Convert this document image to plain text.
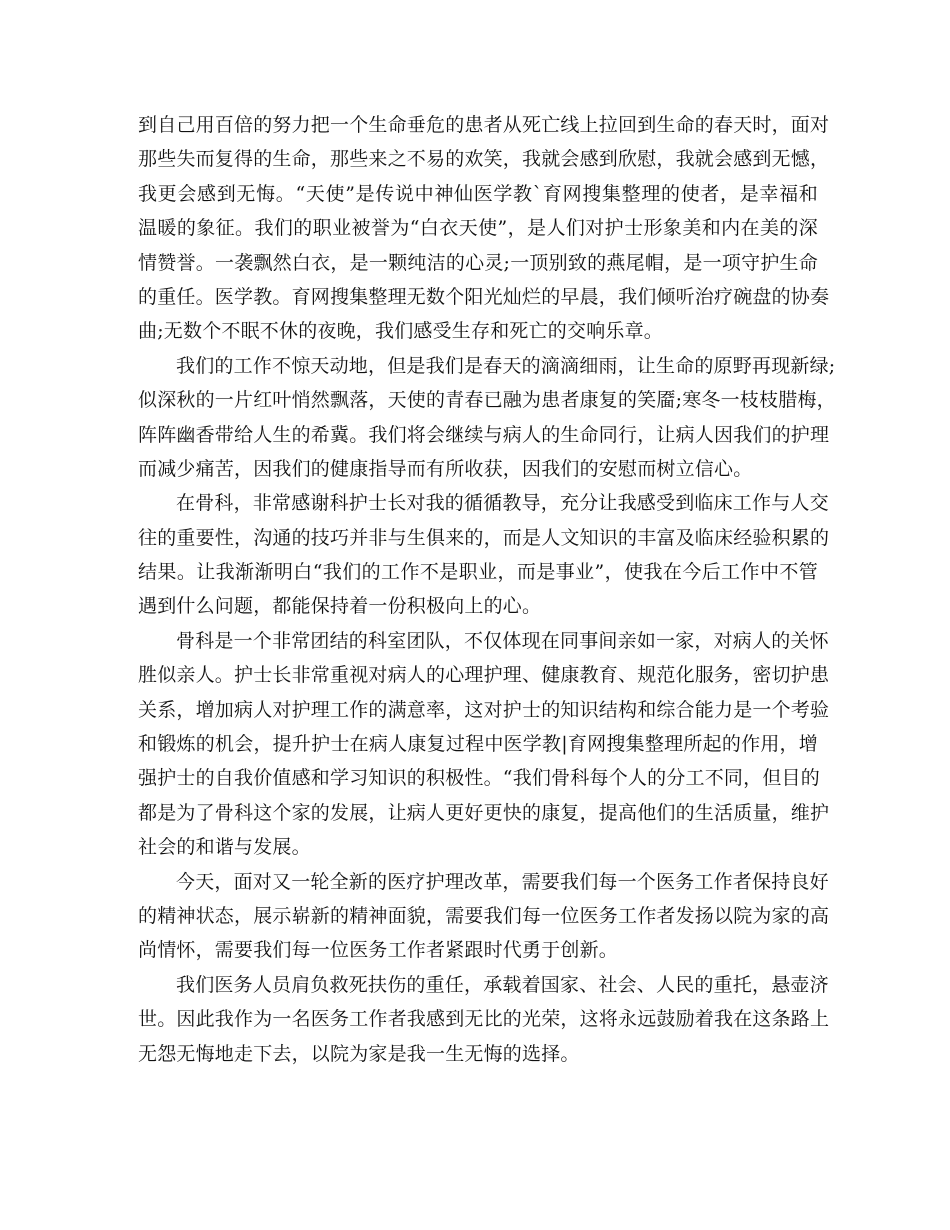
到自己用百倍的努力把一个生命垂危的患者从死亡线上拉回到生命的春天时，面对
那些失而复得的生命，那些来之不易的欢笑，我就会感到欣慰，我就会感到无憾，
我更会感到无悔。“天使”是传说中神仙医学教`育网搜集整理的使者，是幸福和
温暖的象征。我们的职业被誉为“白衣天使”，是人们对护士形象美和内在美的深
情赞誉。一袭飘然白衣，是一颗纯洁的心灵;一顶别致的燕尾帽，是一项守护生命
的重任。医学教。育网搜集整理无数个阳光灿烂的早晨，我们倾听治疗碗盘的协奏
曲;无数个不眠不休的夜晚，我们感受生存和死亡的交响乐章。
我们的工作不惊天动地，但是我们是春天的滴滴细雨，让生命的原野再现新绿;
似深秋的一片红叶悄然飘落，天使的青春已融为患者康复的笑靥;寒冬一枝枝腊梅，
阵阵幽香带给人生的希冀。我们将会继续与病人的生命同行，让病人因我们的护理
而减少痛苦，因我们的健康指导而有所收获，因我们的安慰而树立信心。
在骨科，非常感谢科护士长对我的循循教导，充分让我感受到临床工作与人交
往的重要性，沟通的技巧并非与生俱来的，而是人文知识的丰富及临床经验积累的
结果。让我渐渐明白“我们的工作不是职业，而是事业”，使我在今后工作中不管
遇到什么问题，都能保持着一份积极向上的心。
骨科是一个非常团结的科室团队，不仅体现在同事间亲如一家，对病人的关怀
胜似亲人。护士长非常重视对病人的心理护理、健康教育、规范化服务，密切护患
关系，增加病人对护理工作的满意率，这对护士的知识结构和综合能力是一个考验
和锻炼的机会，提升护士在病人康复过程中医学教|育网搜集整理所起的作用，增
强护士的自我价值感和学习知识的积极性。“我们骨科每个人的分工不同，但目的
都是为了骨科这个家的发展，让病人更好更快的康复，提高他们的生活质量，维护
社会的和谐与发展。
今天，面对又一轮全新的医疗护理改革，需要我们每一个医务工作者保持良好
的精神状态，展示崭新的精神面貌，需要我们每一位医务工作者发扬以院为家的高
尚情怀，需要我们每一位医务工作者紧跟时代勇于创新。
我们医务人员肩负救死扶伤的重任，承载着国家、社会、人民的重托，悬壶济
世。因此我作为一名医务工作者我感到无比的光荣，这将永远鼓励着我在这条路上
无怨无悔地走下去，以院为家是我一生无悔的选择。
